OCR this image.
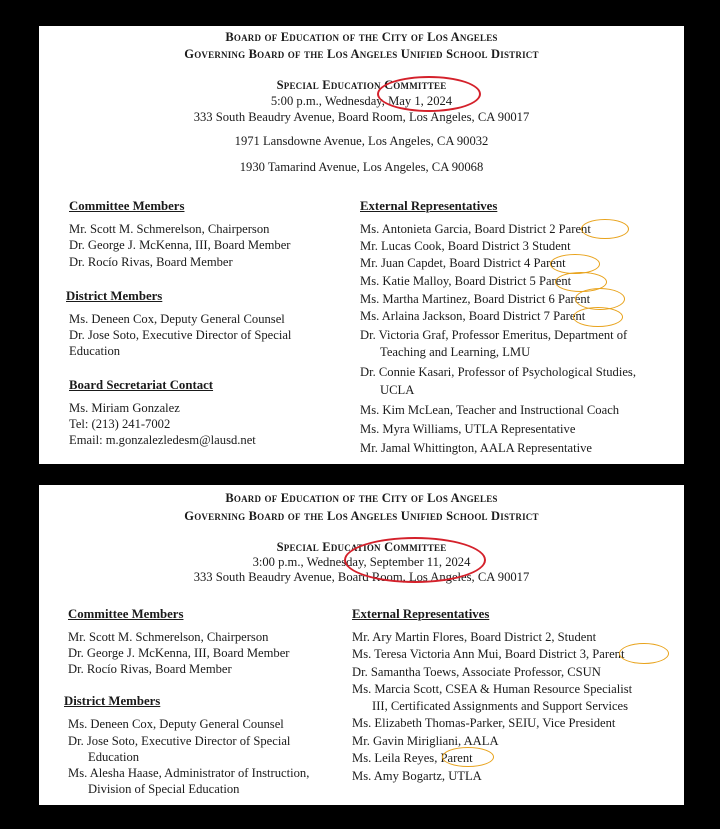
Board of Education of the City of Los Angeles
Governing Board of the Los Angeles Unified School District
Special Education Committee
5:00 p.m., Wednesday, May 1, 2024
333 South Beaudry Avenue, Board Room, Los Angeles, CA 90017
1971 Lansdowne Avenue, Los Angeles, CA 90032
1930 Tamarind Avenue, Los Angeles, CA 90068
Committee Members
Mr. Scott M. Schmerelson, Chairperson
Dr. George J. McKenna, III, Board Member
Dr. Rocío Rivas, Board Member
District Members
Ms. Deneen Cox, Deputy General Counsel
Dr. Jose Soto, Executive Director of Special
Education
Board Secretariat Contact
Ms. Miriam Gonzalez
Tel: (213) 241-7002
Email: m.gonzalezledesm@lausd.net
External Representatives
Ms. Antonieta Garcia, Board District 2 Parent
Mr. Lucas Cook, Board District 3 Student
Mr. Juan Capdet, Board District 4 Parent
Ms. Katie Malloy, Board District 5 Parent
Ms. Martha Martinez, Board District 6 Parent
Ms. Arlaina Jackson, Board District 7 Parent
Dr. Victoria Graf, Professor Emeritus, Department of
Teaching and Learning, LMU
Dr. Connie Kasari, Professor of Psychological Studies,
UCLA
Ms. Kim McLean, Teacher and Instructional Coach
Ms. Myra Williams, UTLA Representative
Mr. Jamal Whittington, AALA Representative
Board of Education of the City of Los Angeles
Governing Board of the Los Angeles Unified School District
Special Education Committee
3:00 p.m., Wednesday, September 11, 2024
333 South Beaudry Avenue, Board Room, Los Angeles, CA 90017
Committee Members
Mr. Scott M. Schmerelson, Chairperson
Dr. George J. McKenna, III, Board Member
Dr. Rocío Rivas, Board Member
District Members
Ms. Deneen Cox, Deputy General Counsel
Dr. Jose Soto, Executive Director of Special
Education
Ms. Alesha Haase, Administrator of Instruction,
Division of Special Education
External Representatives
Mr. Ary Martin Flores, Board District 2, Student
Ms. Teresa Victoria Ann Mui, Board District 3, Parent
Dr. Samantha Toews, Associate Professor, CSUN
Ms. Marcia Scott, CSEA & Human Resource Specialist
III, Certificated Assignments and Support Services
Ms. Elizabeth Thomas-Parker, SEIU, Vice President
Mr. Gavin Mirigliani, AALA
Ms. Leila Reyes, Parent
Ms. Amy Bogartz, UTLA
